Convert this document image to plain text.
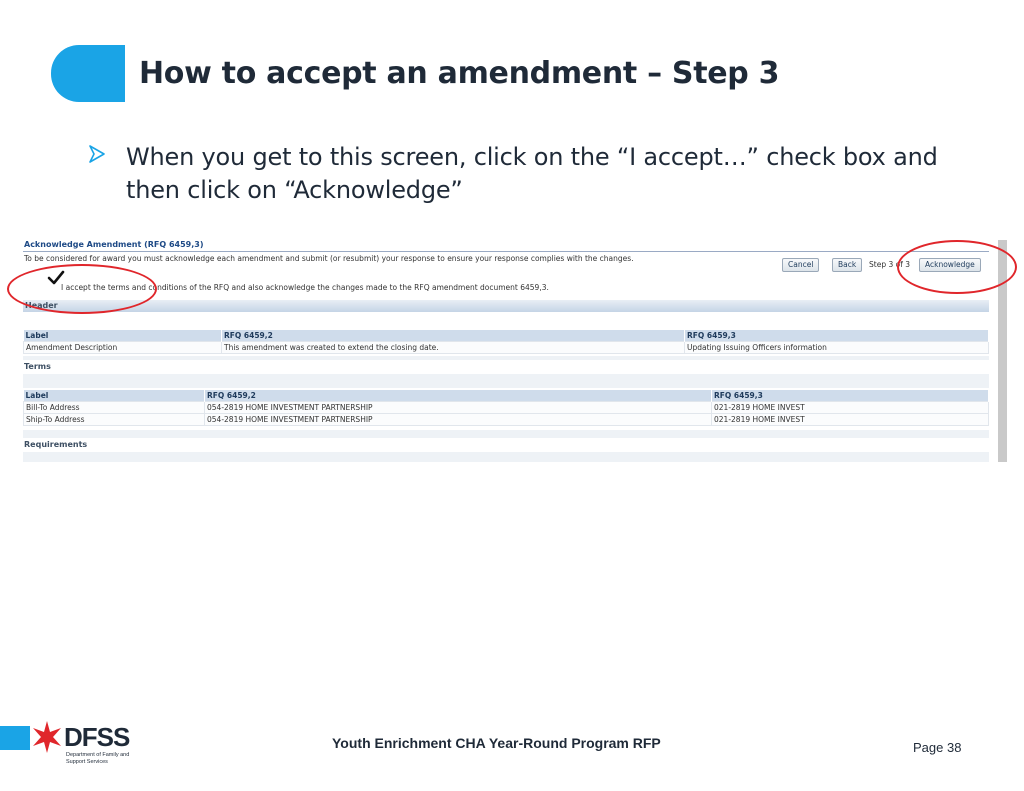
How to accept an amendment – Step 3
When you get to this screen, click on the “I accept…” check box and then click on “Acknowledge”
Acknowledge Amendment (RFQ 6459,3)
To be considered for award you must acknowledge each amendment and submit (or resubmit) your response to ensure your response complies with the changes.
Cancel	Back	Step 3 of 3	Acknowledge
I accept the terms and conditions of the RFQ and also acknowledge the changes made to the RFQ amendment document 6459,3.
Header
Label	RFQ 6459,2	RFQ 6459,3
Amendment Description	This amendment was created to extend the closing date.	Updating Issuing Officers information
Terms
Label	RFQ 6459,2	RFQ 6459,3
Bill-To Address	054-2819 HOME INVESTMENT PARTNERSHIP	021-2819 HOME INVEST
Ship-To Address	054-2819 HOME INVESTMENT PARTNERSHIP	021-2819 HOME INVEST
Requirements
DFSS
Department of Family and Support Services
Youth Enrichment CHA Year-Round Program RFP	Page 38
